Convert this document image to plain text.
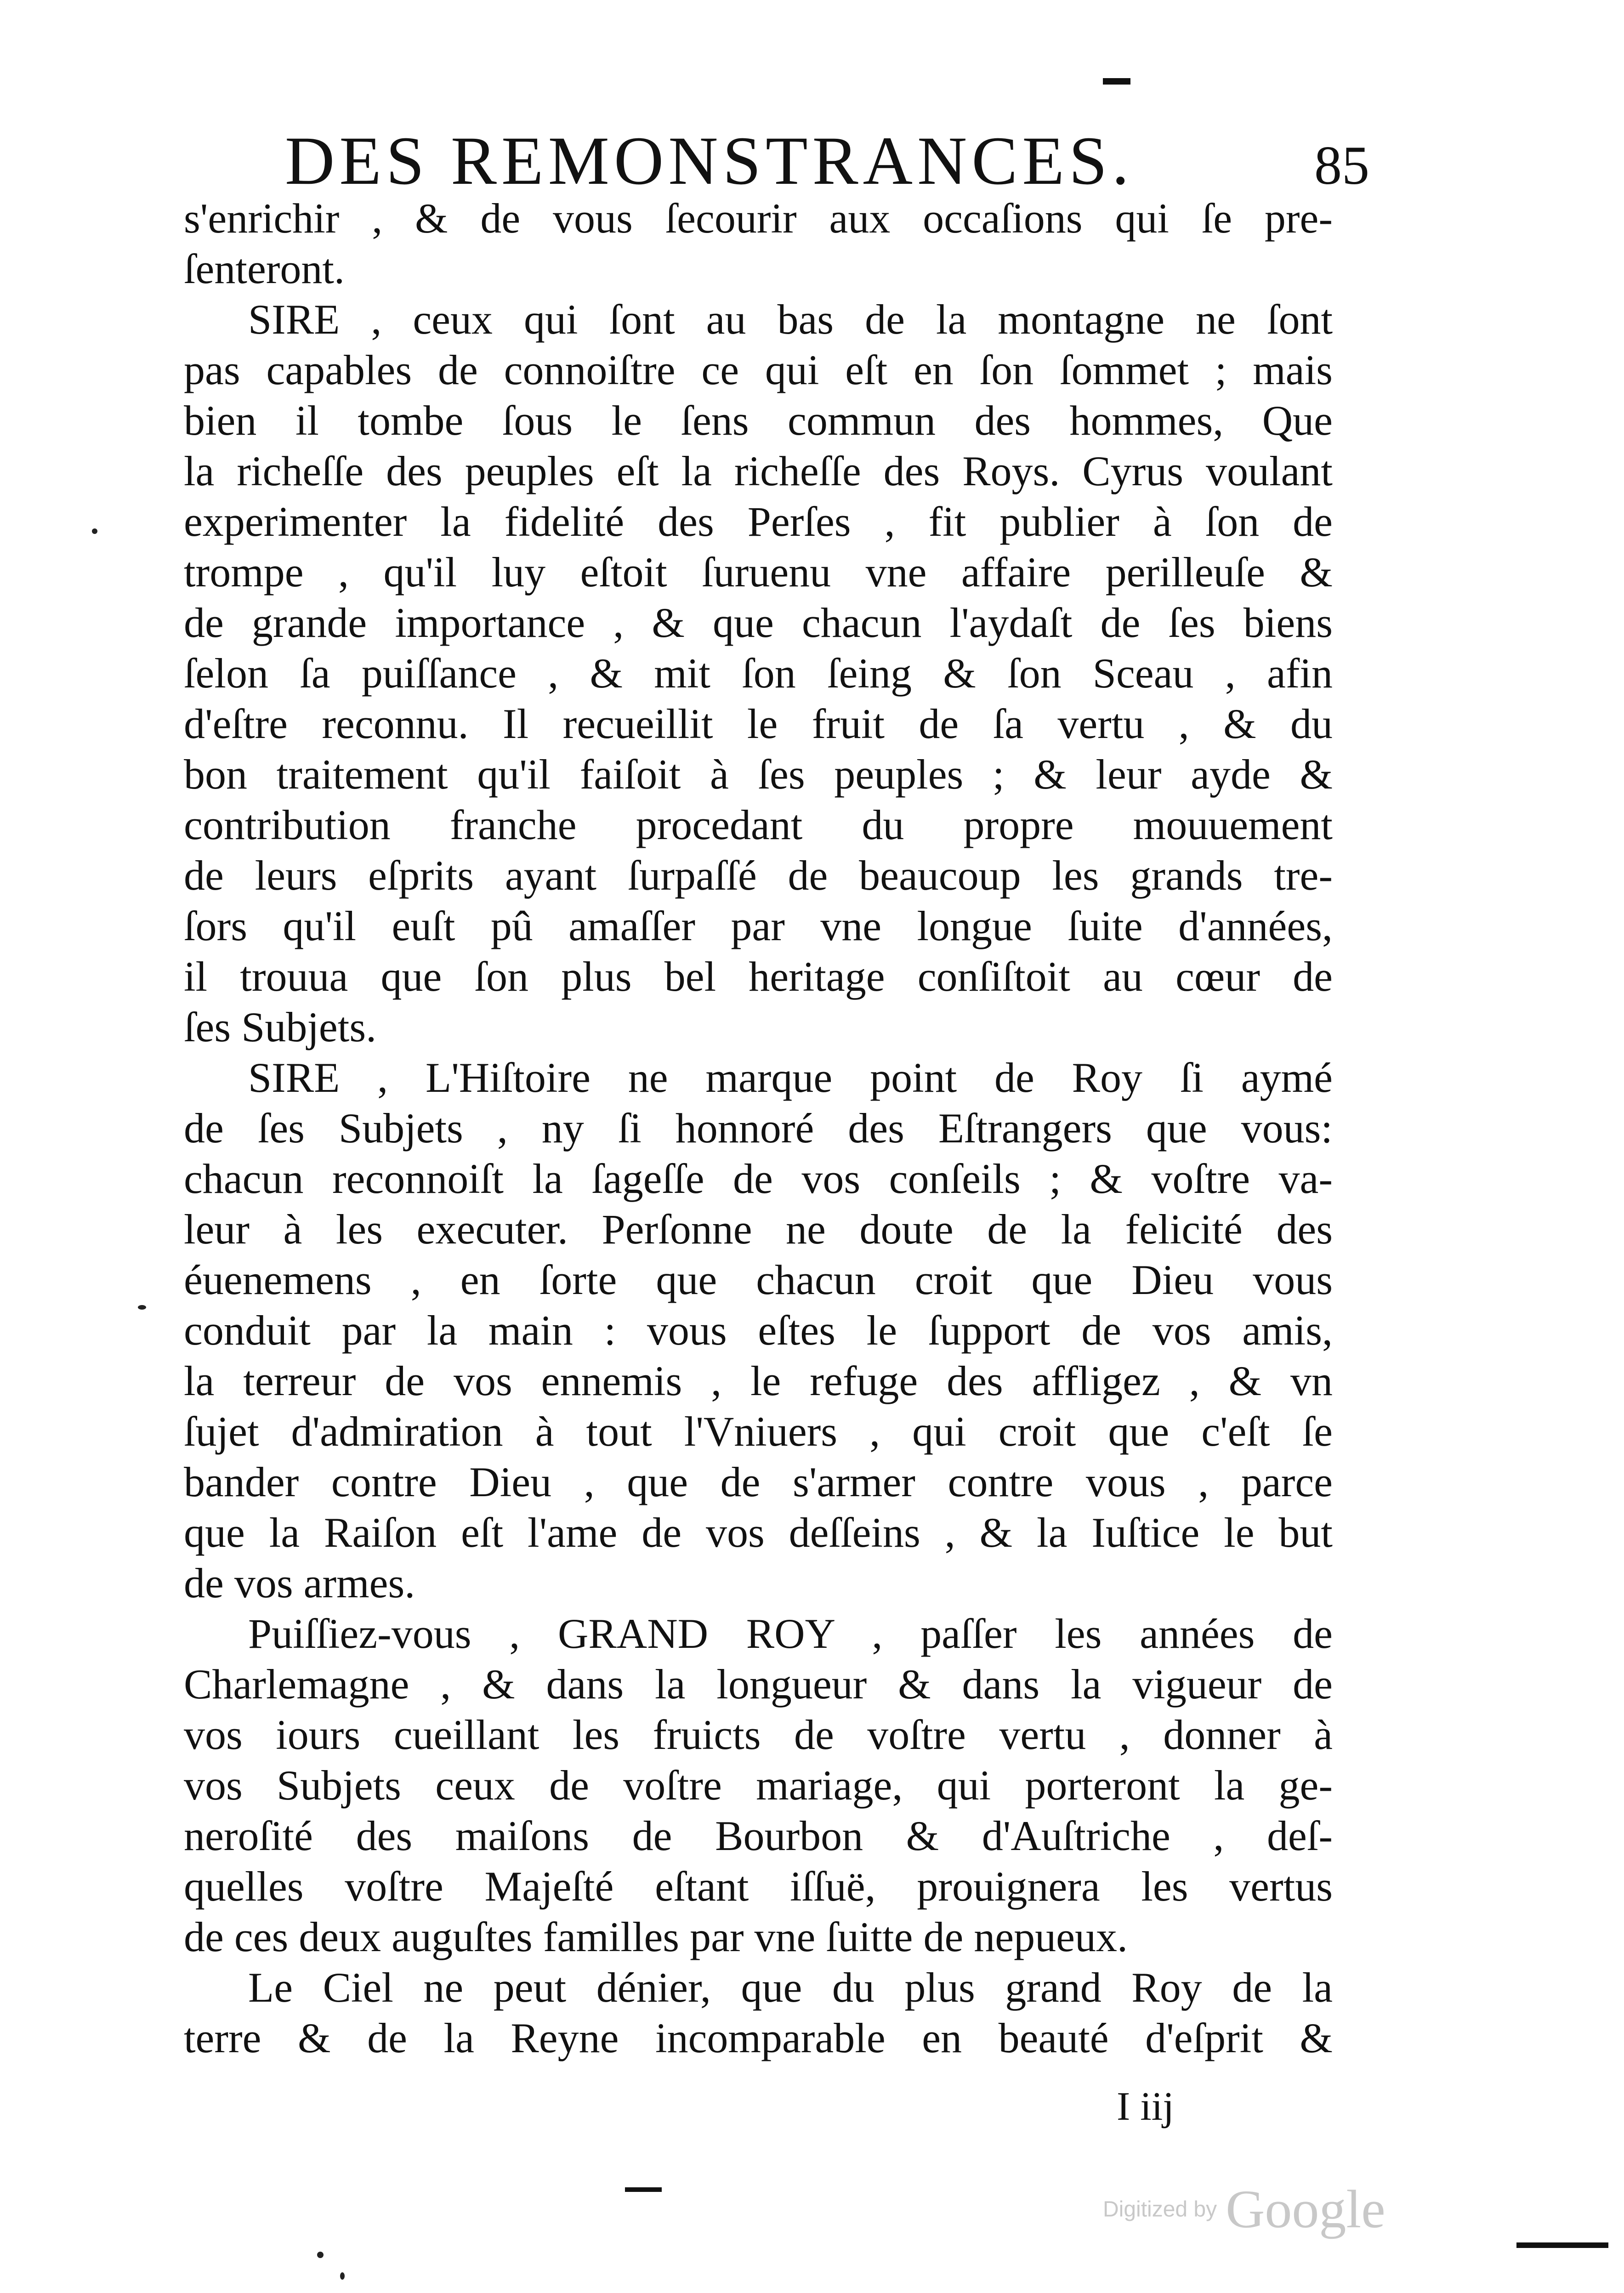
DES REMONSTRANCES.	85
s'enrichir , & de vous ſecourir aux occaſions qui ſe pre-
ſenteront.
SIRE , ceux qui ſont au bas de la montagne ne ſont
pas capables de connoiſtre ce qui eſt en ſon ſommet ; mais
bien il tombe ſous le ſens commun des hommes, Que
la richeſſe des peuples eſt la richeſſe des Roys. Cyrus voulant
experimenter la fidelité des Perſes , fit publier à ſon de
trompe , qu'il luy eſtoit ſuruenu vne affaire perilleuſe &
de grande importance , & que chacun l'aydaſt de ſes biens
ſelon ſa puiſſance , & mit ſon ſeing & ſon Sceau , afin
d'eſtre reconnu. Il recueillit le fruit de ſa vertu , & du
bon traitement qu'il faiſoit à ſes peuples ; & leur ayde &
contribution franche procedant du propre mouuement
de leurs eſprits ayant ſurpaſſé de beaucoup les grands tre-
ſors qu'il euſt pû amaſſer par vne longue ſuite d'années,
il trouua que ſon plus bel heritage conſiſtoit au cœur de
ſes Subjets.
SIRE , L'Hiſtoire ne marque point de Roy ſi aymé
de ſes Subjets , ny ſi honnoré des Eſtrangers que vous:
chacun reconnoiſt la ſageſſe de vos conſeils ; & voſtre va-
leur à les executer. Perſonne ne doute de la felicité des
éuenemens , en ſorte que chacun croit que Dieu vous
conduit par la main : vous eſtes le ſupport de vos amis,
la terreur de vos ennemis , le refuge des affligez , & vn
ſujet d'admiration à tout l'Vniuers , qui croit que c'eſt ſe
bander contre Dieu , que de s'armer contre vous , parce
que la Raiſon eſt l'ame de vos deſſeins , & la Iuſtice le but
de vos armes.
Puiſſiez-vous , GRAND ROY , paſſer les années de
Charlemagne , & dans la longueur & dans la vigueur de
vos iours cueillant les fruicts de voſtre vertu , donner à
vos Subjets ceux de voſtre mariage, qui porteront la ge-
neroſité des maiſons de Bourbon & d'Auſtriche , deſ-
quelles voſtre Majeſté eſtant iſſuë, prouignera les vertus
de ces deux auguſtes familles par vne ſuitte de nepueux.
Le Ciel ne peut dénier, que du plus grand Roy de la
terre & de la Reyne incomparable en beauté d'eſprit &
I iij
Digitized by Google
